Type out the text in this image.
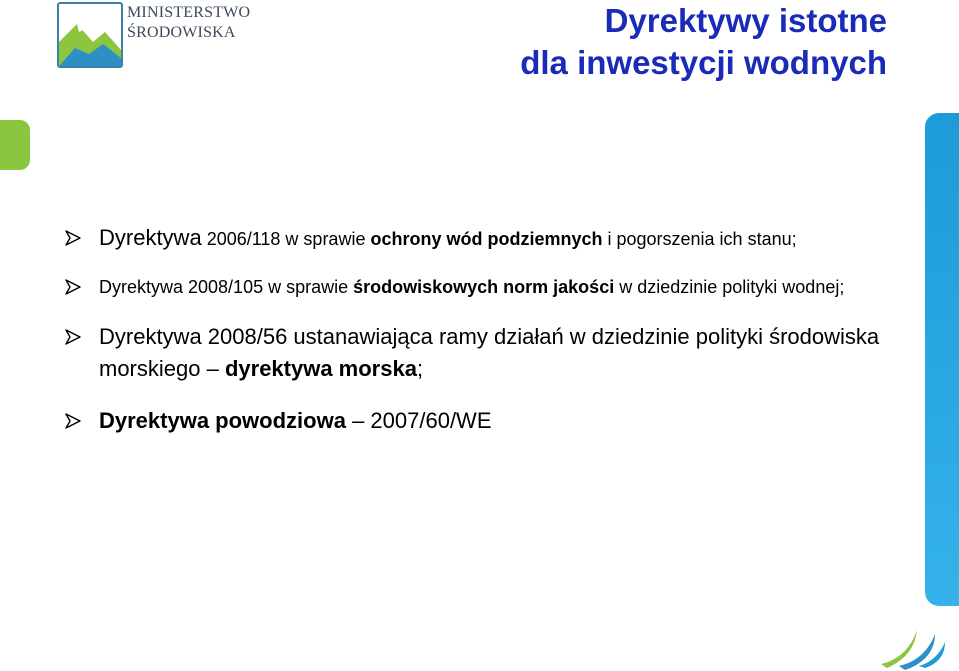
MINISTERSTWO
ŚRODOWISKA	Dyrektywy istotne
dla inwestycji wodnych
Dyrektywa 2006/118 w sprawie ochrony wód podziemnych i pogorszenia ich stanu;
Dyrektywa 2008/105 w sprawie środowiskowych norm jakości w dziedzinie polityki wodnej;
Dyrektywa 2008/56 ustanawiająca ramy działań w dziedzinie polityki środowiska morskiego – dyrektywa morska;
Dyrektywa powodziowa – 2007/60/WE
